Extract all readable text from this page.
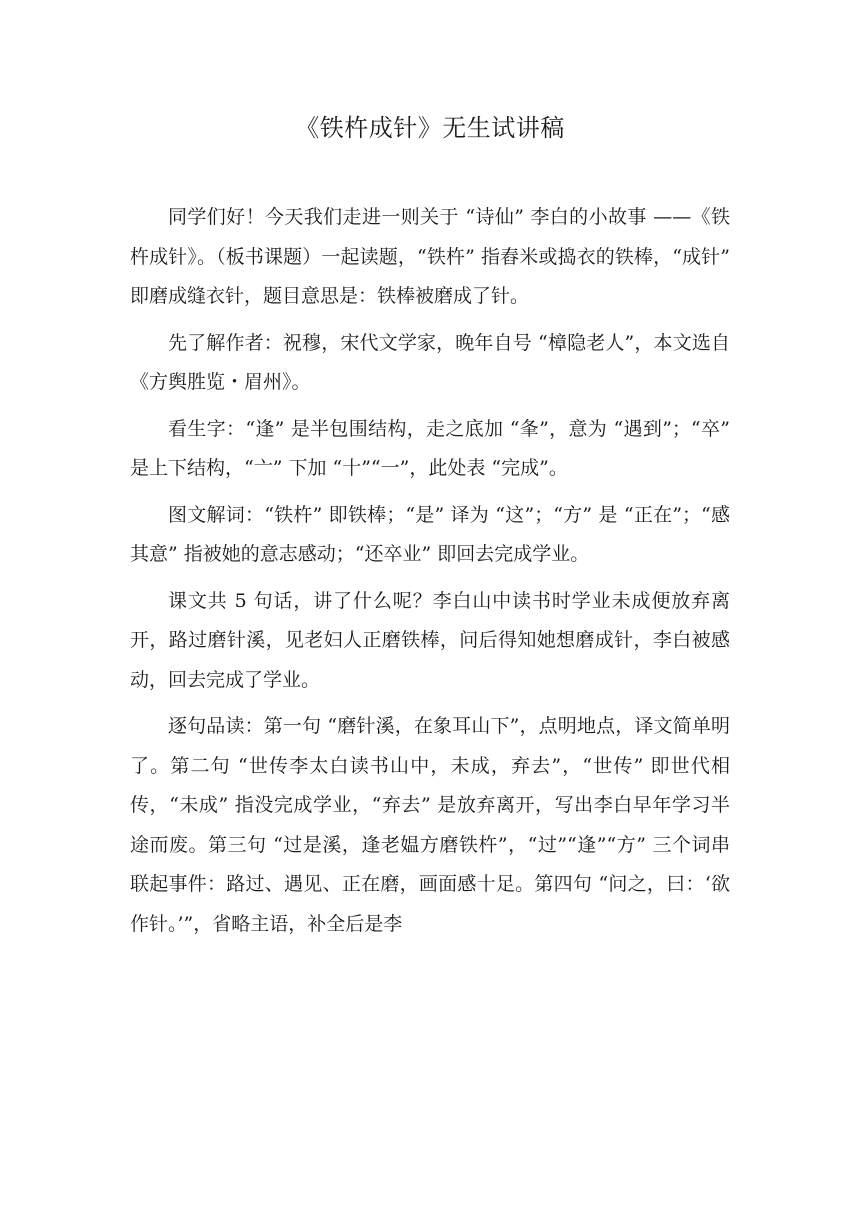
《铁杵成针》无生试讲稿

同学们好！今天我们走进一则关于 “诗仙” 李白的小故事 ——《铁杵成针》。（板书课题）一起读题，“铁杵” 指舂米或捣衣的铁棒，“成针” 即磨成缝衣针，题目意思是：铁棒被磨成了针。

先了解作者：祝穆，宋代文学家，晚年自号 “樟隐老人”，本文选自《方舆胜览・眉州》。

看生字：“逢” 是半包围结构，走之底加 “夆”，意为 “遇到”；“卒” 是上下结构，“亠” 下加 “十”“一”，此处表 “完成”。

图文解词：“铁杵” 即铁棒；“是” 译为 “这”；“方” 是 “正在”；“感其意” 指被她的意志感动；“还卒业” 即回去完成学业。

课文共 5 句话，讲了什么呢？李白山中读书时学业未成便放弃离开，路过磨针溪，见老妇人正磨铁棒，问后得知她想磨成针，李白被感动，回去完成了学业。

逐句品读：第一句 “磨针溪，在象耳山下”，点明地点，译文简单明了。第二句 “世传李太白读书山中，未成，弃去”，“世传” 即世代相传，“未成” 指没完成学业，“弃去” 是放弃离开，写出李白早年学习半途而废。第三句 “过是溪，逢老媪方磨铁杵”，“过”“逢”“方” 三个词串联起事件：路过、遇见、正在磨，画面感十足。第四句 “问之，曰：‘欲作针。’”，省略主语，补全后是李
